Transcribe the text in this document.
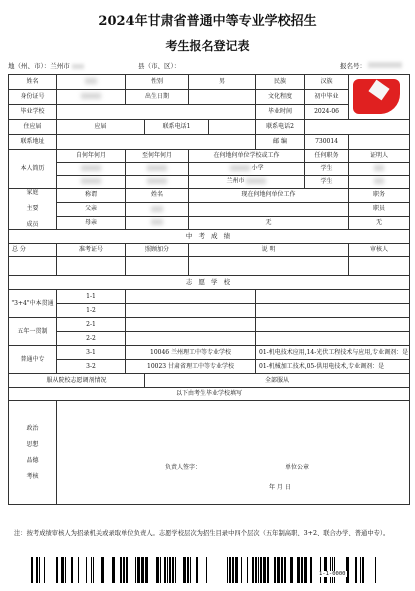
2024年甘肃省普通中等专业学校招生
考生报名登记表
地（州、市）：兰州市	县（市、区）：	报名号：
姓名		性别		男		民族	汉族	

身份证号		出生日期				文化程度	初中毕业	
毕业学校						毕业时间	2024-06	
住应届	应届		联系电话1			联系电话2		
联系地址						邮 编	730014	
本人简历	自何年何月	至何年何月		在何地何单位学校或工作			任何职务	证明人
				小学			学生	
				兰州市			学生	
家庭

主要

成员	称谓	姓名		现在何地何单位工作				职务
	父亲							职员
	母亲			无				无
中 考 成 绩								
总 分	准考证号	照顾加分		说 明				审核人

志 愿 学 校								
"3+4"中本贯通	1-1							
	1-2							
五年一贯制	2-1							
	2-2							
普通中专	3-1	10046 兰州理工中等专业学校				01-机电技术应用,14-光伏工程技术与应用,专业调剂：是		
	3-2	10023 甘肃省理工中等专业学校				01-机械加工技术,05-供用电技术,专业调剂：是		
服从院校志愿调剂情况			全部服从					
以下由考生毕业学校填写								
政治

思想

品德

考核	负责人签字： 单位公章
年 月 日							
注：按考成绩审核人为招录机关或录取单位负责人。志愿学校层次为招生目录中四个层次（五年制高职、3+2、联合办学、普通中专）。
1-1-0000
